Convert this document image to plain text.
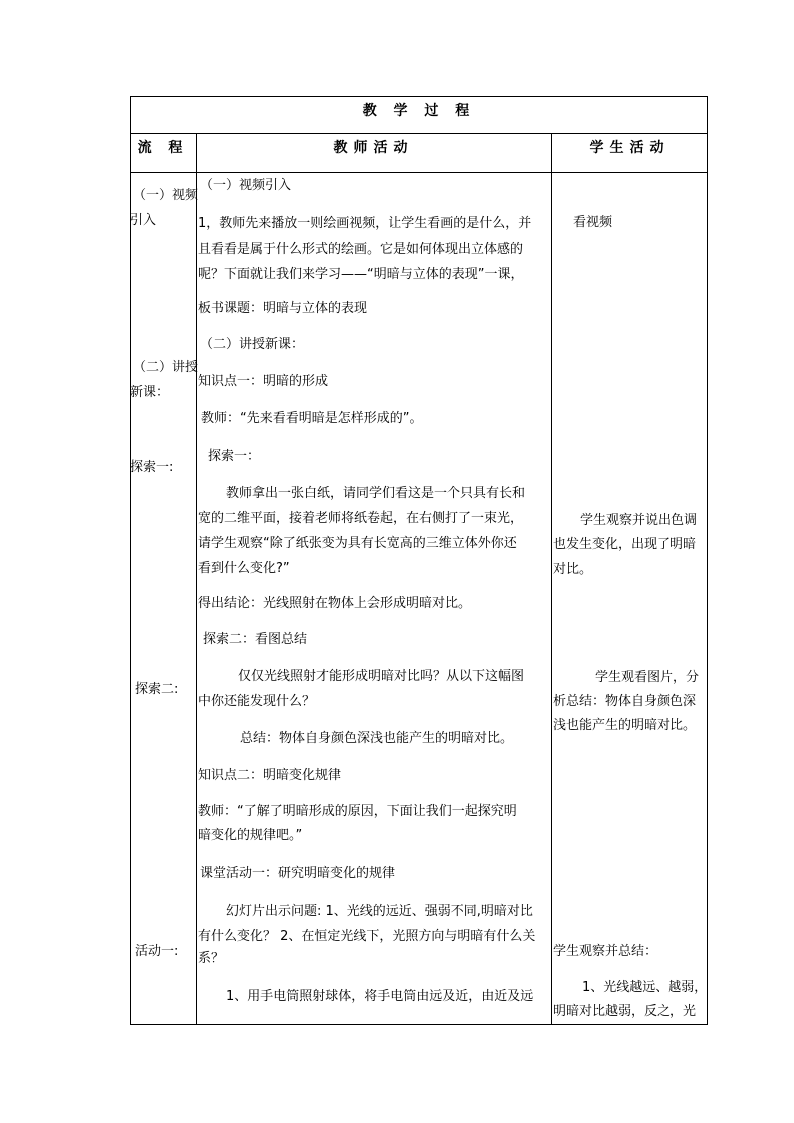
教 学 过 程
流 程	教师活动	学生活动
（一）视频
引入
（二）讲授
新课：
探索一:
探索二:
活动一:
（一）视频引入
1，教师先来播放一则绘画视频，让学生看画的是什么，并
且看看是属于什么形式的绘画。它是如何体现出立体感的
呢？下面就让我们来学习——“明暗与立体的表现”一课，
板书课题：明暗与立体的表现
（二）讲授新课：
知识点一：明暗的形成
教师：“先来看看明暗是怎样形成的”。
探索一：
教师拿出一张白纸，请同学们看这是一个只具有长和
宽的二维平面，接着老师将纸卷起，在右侧打了一束光，
请学生观察“除了纸张变为具有长宽高的三维立体外你还
看到什么变化?”
得出结论：光线照射在物体上会形成明暗对比。
探索二：看图总结
仅仅光线照射才能形成明暗对比吗？从以下这幅图
中你还能发现什么？
总结：物体自身颜色深浅也能产生的明暗对比。
知识点二：明暗变化规律
教师：“了解了明暗形成的原因，下面让我们一起探究明
暗变化的规律吧。”
课堂活动一：研究明暗变化的规律
幻灯片出示问题: 1、光线的远近、强弱不同,明暗对比
有什么变化？ 2、在恒定光线下，光照方向与明暗有什么关
系？
1、用手电筒照射球体，将手电筒由远及近，由近及远
看视频
学生观察并说出色调
也发生变化，出现了明暗
对比。
学生观看图片，分
析总结：物体自身颜色深
浅也能产生的明暗对比。
学生观察并总结：
1、光线越远、越弱，
明暗对比越弱，反之，光
